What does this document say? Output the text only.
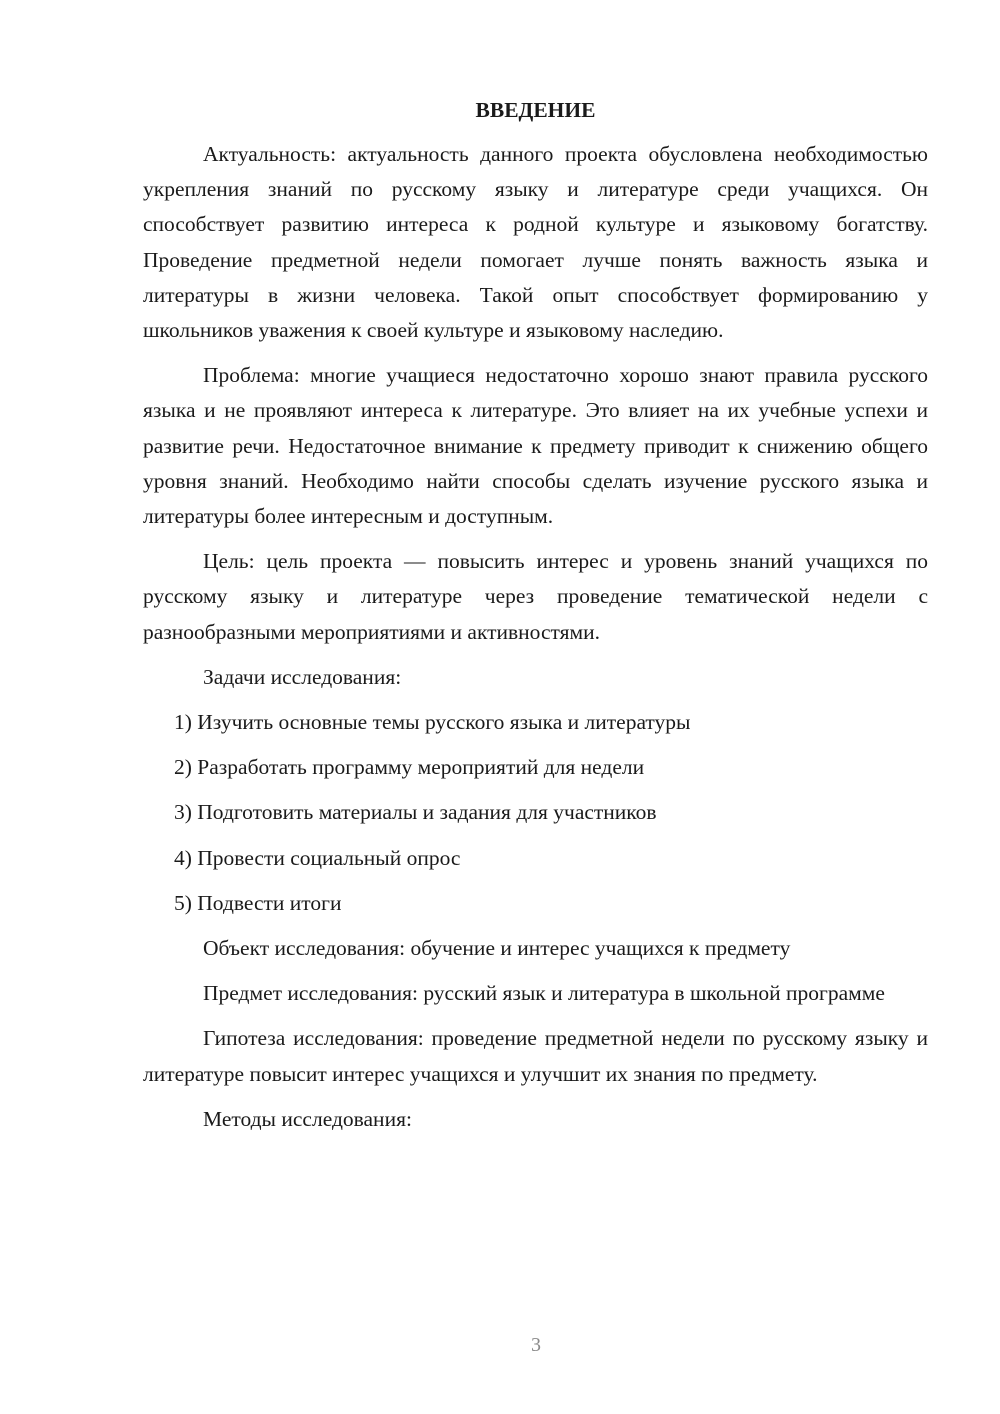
ВВЕДЕНИЕ

Актуальность: актуальность данного проекта обусловлена необходимостью укрепления знаний по русскому языку и литературе среди учащихся. Он способствует развитию интереса к родной культуре и языковому богатству. Проведение предметной недели помогает лучше понять важность языка и литературы в жизни человека. Такой опыт способствует формированию у школьников уважения к своей культуре и языковому наследию.

Проблема: многие учащиеся недостаточно хорошо знают правила русского языка и не проявляют интереса к литературе. Это влияет на их учебные успехи и развитие речи. Недостаточное внимание к предмету приводит к снижению общего уровня знаний. Необходимо найти способы сделать изучение русского языка и литературы более интересным и доступным.

Цель: цель проекта — повысить интерес и уровень знаний учащихся по русскому языку и литературе через проведение тематической недели с разнообразными мероприятиями и активностями.

Задачи исследования:

1) Изучить основные темы русского языка и литературы
2) Разработать программу мероприятий для недели
3) Подготовить материалы и задания для участников
4) Провести социальный опрос
5) Подвести итоги

Объект исследования: обучение и интерес учащихся к предмету

Предмет исследования: русский язык и литература в школьной программе

Гипотеза исследования: проведение предметной недели по русскому языку и литературе повысит интерес учащихся и улучшит их знания по предмету.

Методы исследования:

3
